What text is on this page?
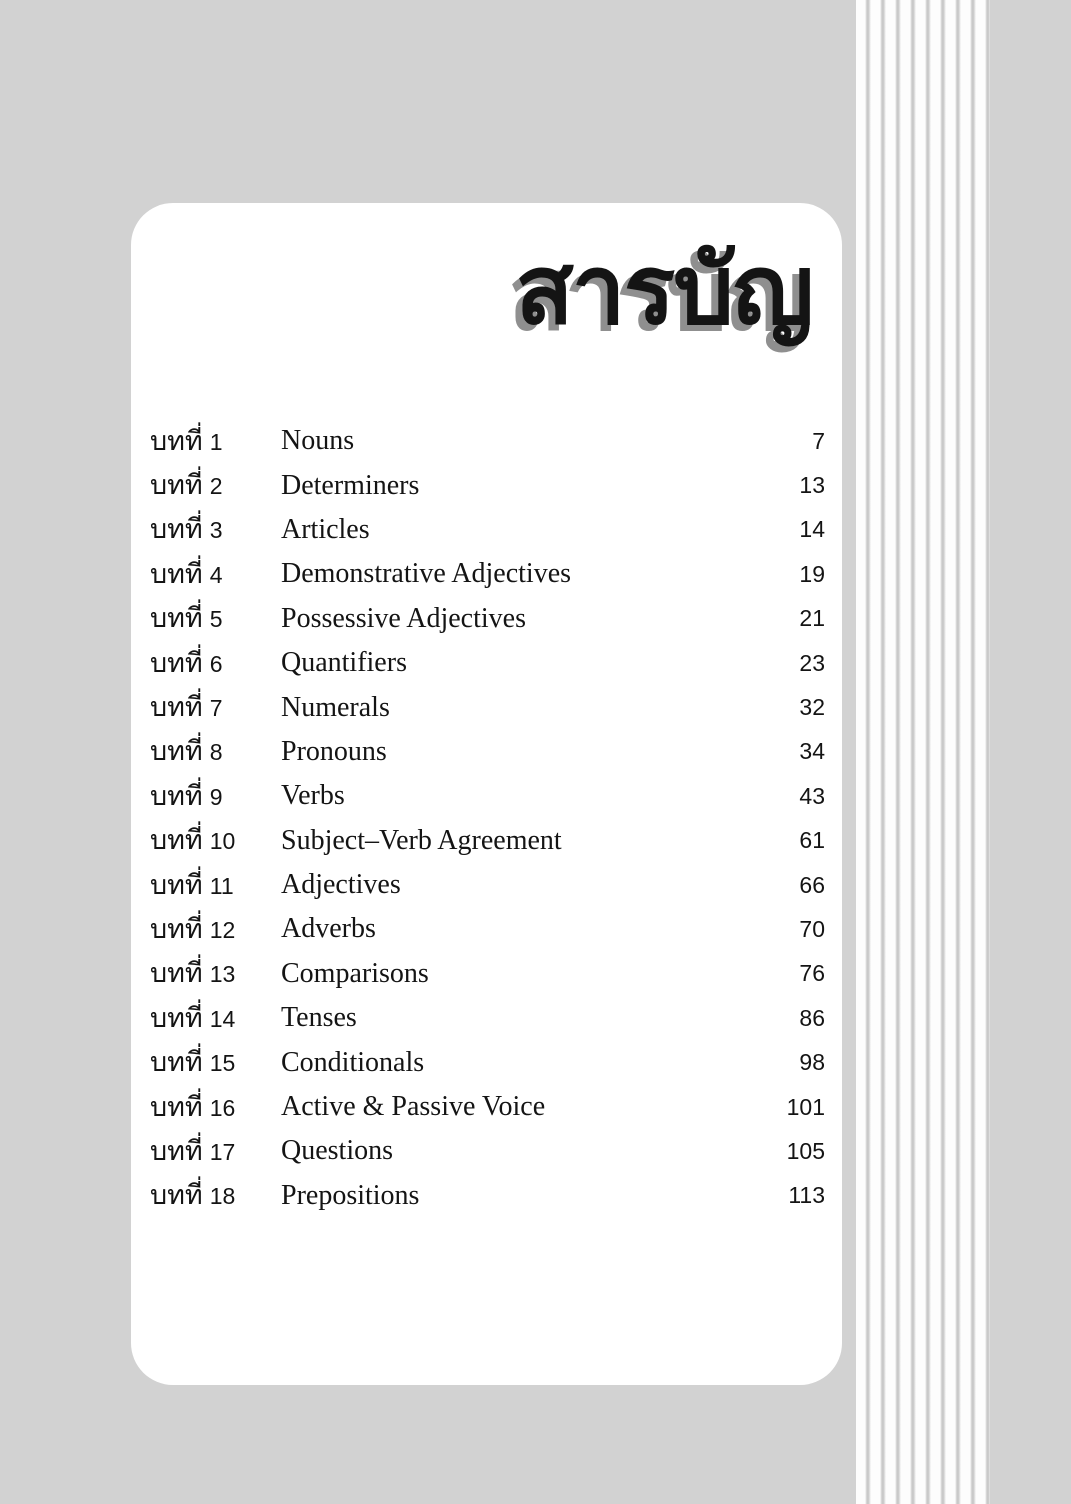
สารบัญ
บทที่ 1	Nouns	7
บทที่ 2	Determiners	13
บทที่ 3	Articles	14
บทที่ 4	Demonstrative Adjectives	19
บทที่ 5	Possessive Adjectives	21
บทที่ 6	Quantifiers	23
บทที่ 7	Numerals	32
บทที่ 8	Pronouns	34
บทที่ 9	Verbs	43
บทที่ 10	Subject–Verb Agreement	61
บทที่ 11	Adjectives	66
บทที่ 12	Adverbs	70
บทที่ 13	Comparisons	76
บทที่ 14	Tenses	86
บทที่ 15	Conditionals	98
บทที่ 16	Active & Passive Voice	101
บทที่ 17	Questions	105
บทที่ 18	Prepositions	113
